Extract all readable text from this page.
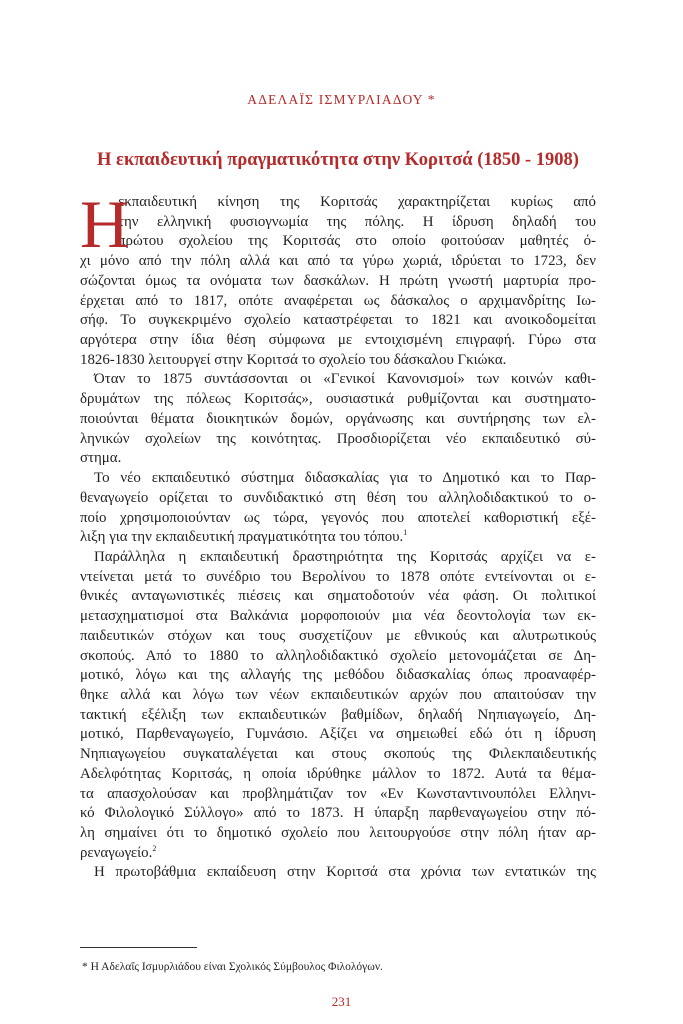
ΑΔΕΛΑΪΣ ΙΣΜΥΡΛΙΑΔΟΥ *
Η εκπαιδευτική πραγματικότητα στην Κοριτσά (1850 - 1908)
Η
εκπαιδευτική κίνηση της Κοριτσάς χαρακτηρίζεται κυρίως από
την ελληνική φυσιογνωμία της πόλης. Η ίδρυση δηλαδή του
πρώτου σχολείου της Κοριτσάς στο οποίο φοιτούσαν μαθητές ό-
χι μόνο από την πόλη αλλά και από τα γύρω χωριά, ιδρύεται το 1723, δεν
σώζονται όμως τα ονόματα των δασκάλων. Η πρώτη γνωστή μαρτυρία προ-
έρχεται από το 1817, οπότε αναφέρεται ως δάσκαλος ο αρχιμανδρίτης Ιω-
σήφ. Το συγκεκριμένο σχολείο καταστρέφεται το 1821 και ανοικοδομείται
αργότερα στην ίδια θέση σύμφωνα με εντοιχισμένη επιγραφή. Γύρω στα
1826-1830 λειτουργεί στην Κοριτσά το σχολείο του δάσκαλου Γκιώκα.
Όταν το 1875 συντάσσονται οι «Γενικοί Κανονισμοί» των κοινών καθι-
δρυμάτων της πόλεως Κοριτσάς», ουσιαστικά ρυθμίζονται και συστηματο-
ποιούνται θέματα διοικητικών δομών, οργάνωσης και συντήρησης των ελ-
ληνικών σχολείων της κοινότητας. Προσδιορίζεται νέο εκπαιδευτικό σύ-
στημα.
Το νέο εκπαιδευτικό σύστημα διδασκαλίας για το Δημοτικό και το Παρ-
θεναγωγείο ορίζεται το συνδιδακτικό στη θέση του αλληλοδιδακτικού το ο-
ποίο χρησιμοποιούνταν ως τώρα, γεγονός που αποτελεί καθοριστική εξέ-
λιξη για την εκπαιδευτική πραγματικότητα του τόπου.$^1$
Παράλληλα η εκπαιδευτική δραστηριότητα της Κοριτσάς αρχίζει να ε-
ντείνεται μετά το συνέδριο του Βερολίνου το 1878 οπότε εντείνονται οι ε-
θνικές ανταγωνιστικές πιέσεις και σηματοδοτούν νέα φάση. Οι πολιτικοί
μετασχηματισμοί στα Βαλκάνια μορφοποιούν μια νέα δεοντολογία των εκ-
παιδευτικών στόχων και τους συσχετίζουν με εθνικούς και αλυτρωτικούς
σκοπούς. Από το 1880 το αλληλοδιδακτικό σχολείο μετονομάζεται σε Δη-
μοτικό, λόγω και της αλλαγής της μεθόδου διδασκαλίας όπως προαναφέρ-
θηκε αλλά και λόγω των νέων εκπαιδευτικών αρχών που απαιτούσαν την
τακτική εξέλιξη των εκπαιδευτικών βαθμίδων, δηλαδή Νηπιαγωγείο, Δη-
μοτικό, Παρθεναγωγείο, Γυμνάσιο. Αξίζει να σημειωθεί εδώ ότι η ίδρυση
Νηπιαγωγείου συγκαταλέγεται και στους σκοπούς της Φιλεκπαιδευτικής
Αδελφότητας Κοριτσάς, η οποία ιδρύθηκε μάλλον το 1872. Αυτά τα θέμα-
τα απασχολούσαν και προβλημάτιζαν τον «Εν Κωνσταντινουπόλει Ελληνι-
κό Φιλολογικό Σύλλογο» από το 1873. Η ύπαρξη παρθεναγωγείου στην πό-
λη σημαίνει ότι το δημοτικό σχολείο που λειτουργούσε στην πόλη ήταν αρ-
ρεναγωγείο.$^2$
Η πρωτοβάθμια εκπαίδευση στην Κοριτσά στα χρόνια των εντατικών της
* Η Αδελαΐς Ισμυρλιάδου είναι Σχολικός Σύμβουλος Φιλολόγων.
231
